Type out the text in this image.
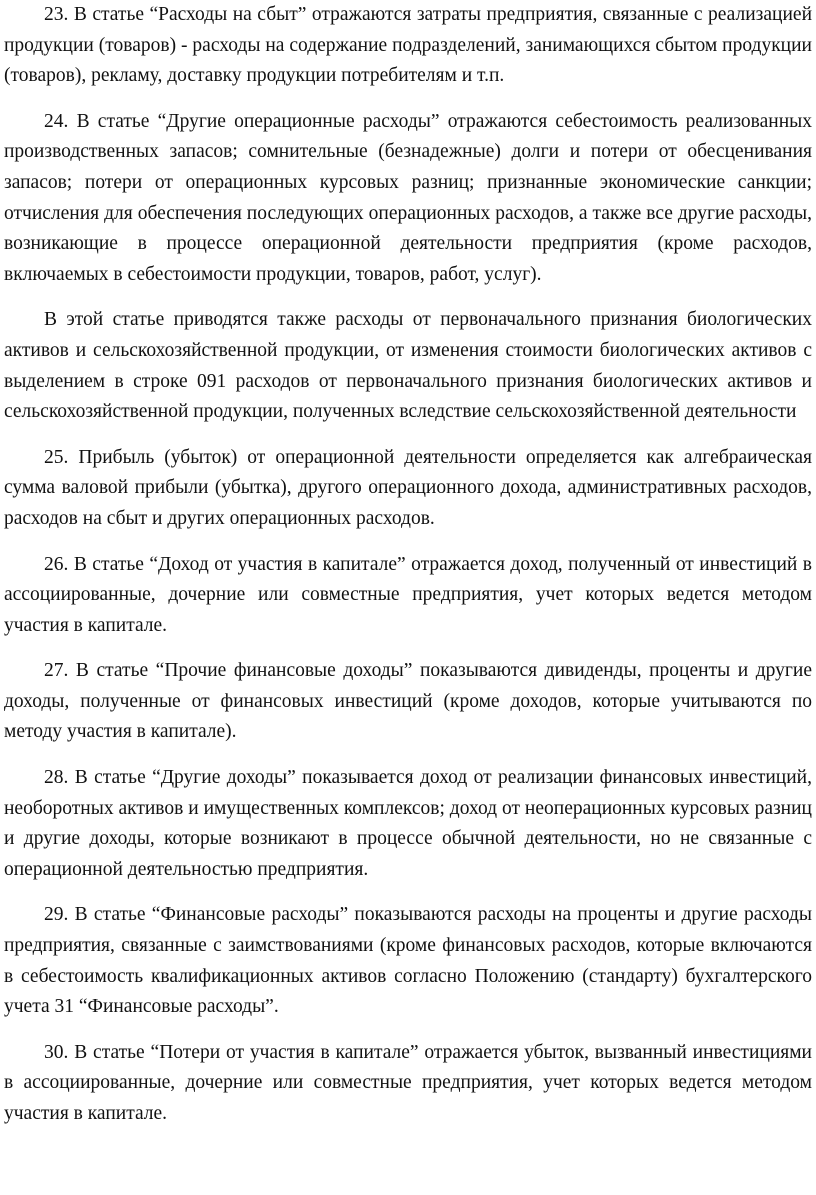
23. В статье “Расходы на сбыт” отражаются затраты предприятия, связанные с реализацией продукции (товаров) - расходы на содержание подразделений, занимающихся сбытом продукции (товаров), рекламу, доставку продукции потребителям и т.п.

24. В статье “Другие операционные расходы” отражаются себестоимость реализованных производственных запасов; сомнительные (безнадежные) долги и потери от обесценивания запасов; потери от операционных курсовых разниц; признанные экономические санкции; отчисления для обеспечения последующих операционных расходов, а также все другие расходы, возникающие в процессе операционной деятельности предприятия (кроме расходов, включаемых в себестоимости продукции, товаров, работ, услуг).

В этой статье приводятся также расходы от первоначального признания биологических активов и сельскохозяйственной продукции, от изменения стоимости биологических активов с выделением в строке 091 расходов от первоначального признания биологических активов и сельскохозяйственной продукции, полученных вследствие сельскохозяйственной деятельности

25. Прибыль (убыток) от операционной деятельности определяется как алгебраическая сумма валовой прибыли (убытка), другого операционного дохода, административных расходов, расходов на сбыт и других операционных расходов.

26. В статье “Доход от участия в капитале” отражается доход, полученный от инвестиций в ассоциированные, дочерние или совместные предприятия, учет которых ведется методом участия в капитале.

27. В статье “Прочие финансовые доходы” показываются дивиденды, проценты и другие доходы, полученные от финансовых инвестиций (кроме доходов, которые учитываются по методу участия в капитале).

28. В статье “Другие доходы” показывается доход от реализации финансовых инвестиций, необоротных активов и имущественных комплексов; доход от неоперационных курсовых разниц и другие доходы, которые возникают в процессе обычной деятельности, но не связанные с операционной деятельностью предприятия.

29. В статье “Финансовые расходы” показываются расходы на проценты и другие расходы предприятия, связанные с заимствованиями (кроме финансовых расходов, которые включаются в себестоимость квалификационных активов согласно Положению (стандарту) бухгалтерского учета 31 “Финансовые расходы”.

30. В статье “Потери от участия в капитале” отражается убыток, вызванный инвестициями в ассоциированные, дочерние или совместные предприятия, учет которых ведется методом участия в капитале.
